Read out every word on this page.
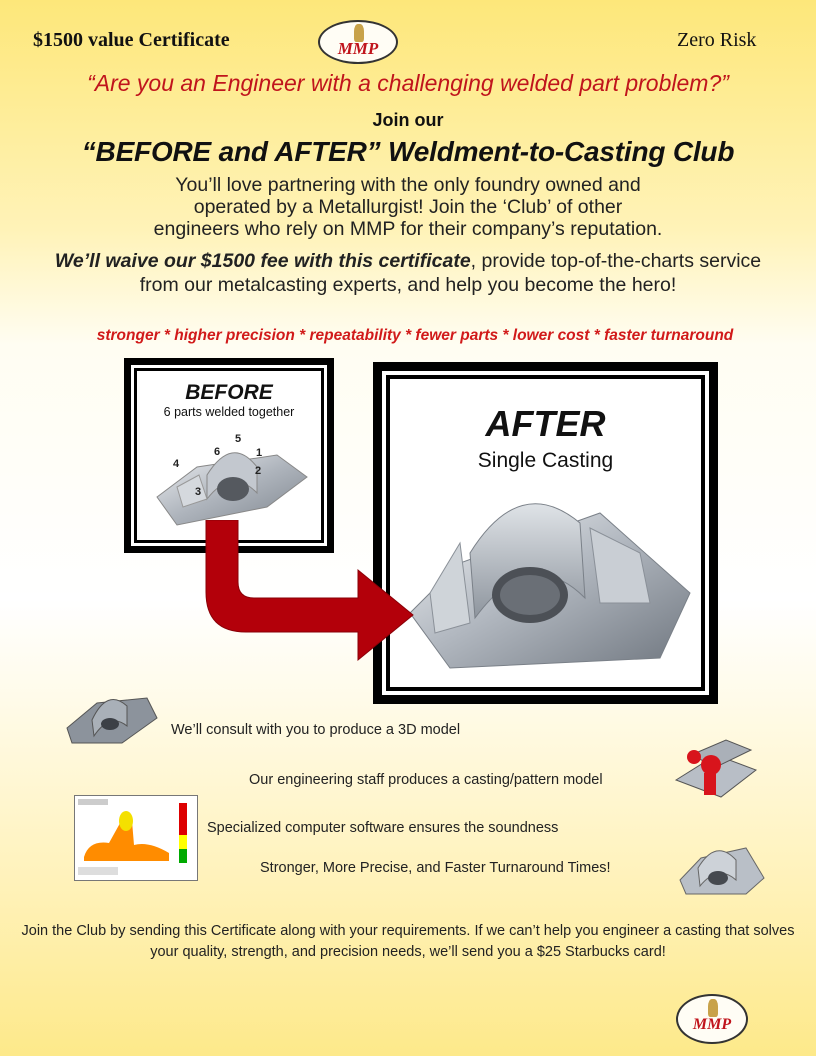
$1500 value Certificate	MMP	Zero Risk
“Are you an Engineer with a challenging welded part problem?”
Join our
“BEFORE and AFTER” Weldment-to-Casting Club
You’ll love partnering with the only foundry owned and operated by a Metallurgist! Join the ‘Club’ of other engineers who rely on MMP for their company’s reputation.
We’ll waive our $1500 fee with this certificate, provide top-of-the-charts service from our metalcasting experts, and help you become the hero!
stronger * higher precision * repeatability * fewer parts * lower cost * faster turnaround
BEFORE
6 parts welded together
5
6	1
4
2
3
AFTER
Single Casting
We’ll consult with you to produce a 3D model
Our engineering staff produces a casting/pattern model
Specialized computer software ensures the soundness
Stronger, More Precise, and Faster Turnaround Times!
Join the Club by sending this Certificate along with your requirements. If we can’t help you engineer a casting that solves your quality, strength, and precision needs, we’ll send you a $25 Starbucks card!
MMP
